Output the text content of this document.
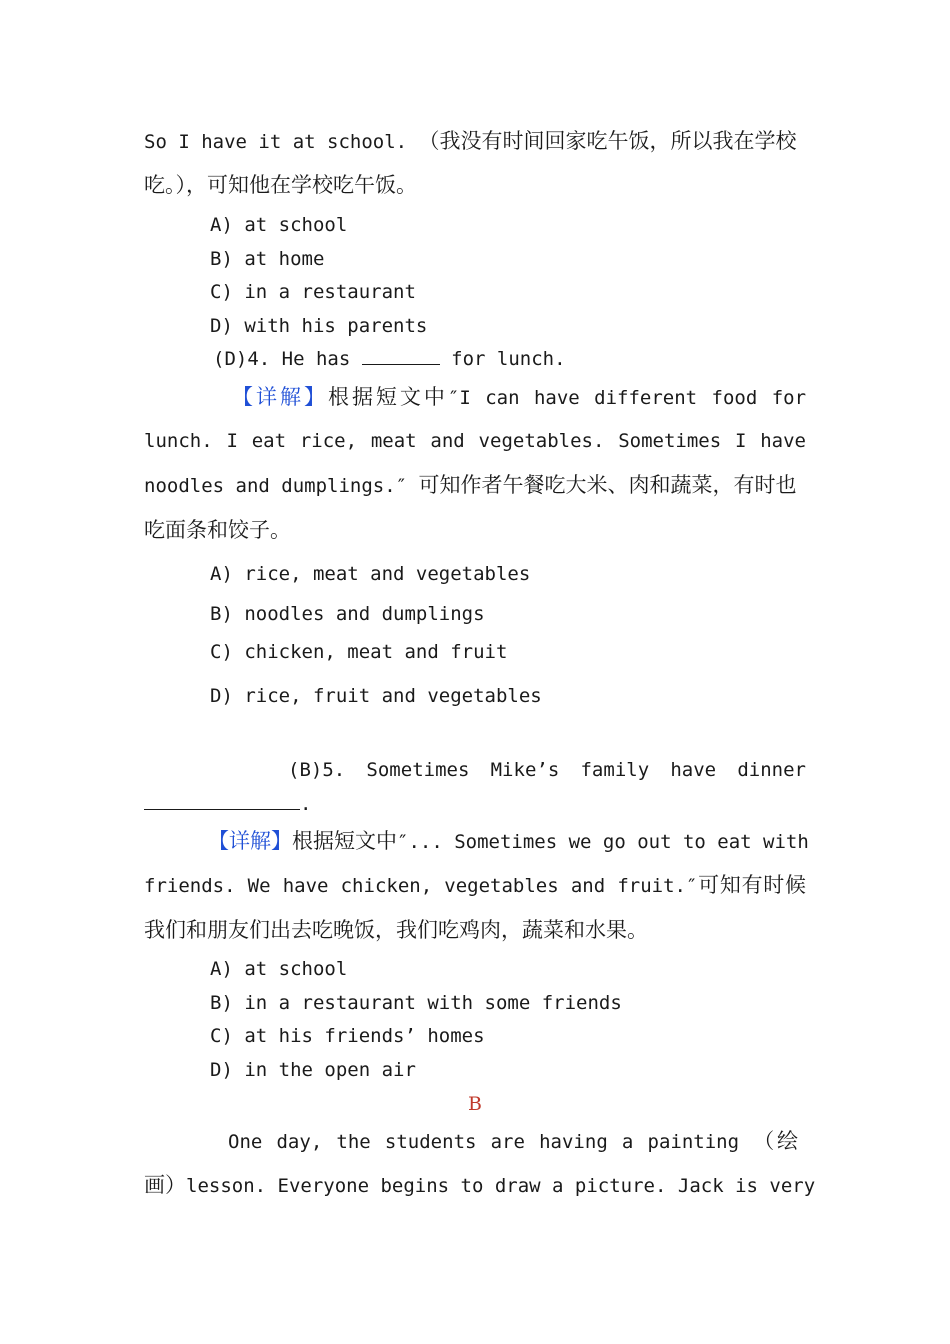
So I have it at school. （我没有时间回家吃午饭，所以我在学校
吃。），可知他在学校吃午饭。
A) at school
B) at home
C) in a restaurant
D) with his parents
(D)4. He has	for lunch.
【详解】根据短文中″I can have different food for
lunch. I eat rice, meat and vegetables. Sometimes I have
noodles and dumplings.″ 可知作者午餐吃大米、肉和蔬菜，有时也
吃面条和饺子。
A) rice, meat and vegetables
B) noodles and dumplings
C) chicken, meat and fruit
D) rice, fruit and vegetables
(B)5. Sometimes Mike’s family have dinner
.
【详解】根据短文中″... Sometimes we go out to eat with
friends. We have chicken, vegetables and fruit.″可知有时候
我们和朋友们出去吃晚饭，我们吃鸡肉，蔬菜和水果。
A) at school
B) in a restaurant with some friends
C) at his friends’ homes
D) in the open air
B
One day, the students are having a painting （绘
画）lesson. Everyone begins to draw a picture. Jack is very
